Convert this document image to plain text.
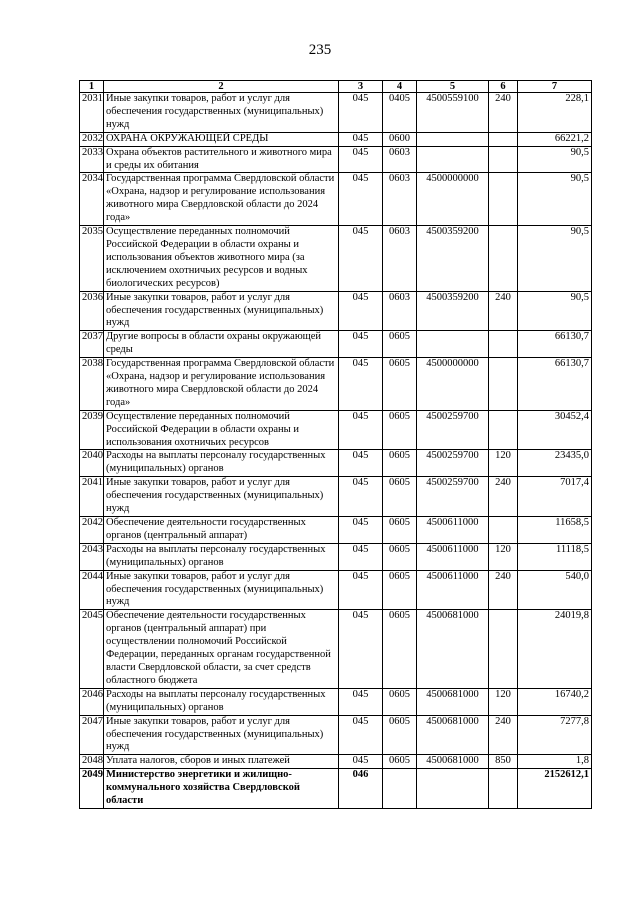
235
1	2	3	4	5	6	7
2031	Иные закупки товаров, работ и услуг для обеспечения государственных (муниципальных) нужд	045	0405	4500559100	240	228,1
2032	ОХРАНА ОКРУЖАЮЩЕЙ СРЕДЫ	045	0600			66221,2
2033	Охрана объектов растительного и животного мира и среды их обитания	045	0603			90,5
2034	Государственная программа Свердловской области «Охрана, надзор и регулирование использования животного мира Свердловской области до 2024 года»	045	0603	4500000000		90,5
2035	Осуществление переданных полномочий Российской Федерации в области охраны и использования объектов животного мира (за исключением охотничьих ресурсов и водных биологических ресурсов)	045	0603	4500359200		90,5
2036	Иные закупки товаров, работ и услуг для обеспечения государственных (муниципальных) нужд	045	0603	4500359200	240	90,5
2037	Другие вопросы в области охраны окружающей среды	045	0605			66130,7
2038	Государственная программа Свердловской области «Охрана, надзор и регулирование использования животного мира Свердловской области до 2024 года»	045	0605	4500000000		66130,7
2039	Осуществление переданных полномочий Российской Федерации в области охраны и использования охотничьих ресурсов	045	0605	4500259700		30452,4
2040	Расходы на выплаты персоналу государственных (муниципальных) органов	045	0605	4500259700	120	23435,0
2041	Иные закупки товаров, работ и услуг для обеспечения государственных (муниципальных) нужд	045	0605	4500259700	240	7017,4
2042	Обеспечение деятельности государственных органов (центральный аппарат)	045	0605	4500611000		11658,5
2043	Расходы на выплаты персоналу государственных (муниципальных) органов	045	0605	4500611000	120	11118,5
2044	Иные закупки товаров, работ и услуг для обеспечения государственных (муниципальных) нужд	045	0605	4500611000	240	540,0
2045	Обеспечение деятельности государственных органов (центральный аппарат) при осуществлении полномочий Российской Федерации, переданных органам государственной власти Свердловской области, за счет средств областного бюджета	045	0605	4500681000		24019,8
2046	Расходы на выплаты персоналу государственных (муниципальных) органов	045	0605	4500681000	120	16740,2
2047	Иные закупки товаров, работ и услуг для обеспечения государственных (муниципальных) нужд	045	0605	4500681000	240	7277,8
2048	Уплата налогов, сборов и иных платежей	045	0605	4500681000	850	1,8
2049	Министерство энергетики и жилищно-коммунального хозяйства Свердловской области	046				2152612,1
